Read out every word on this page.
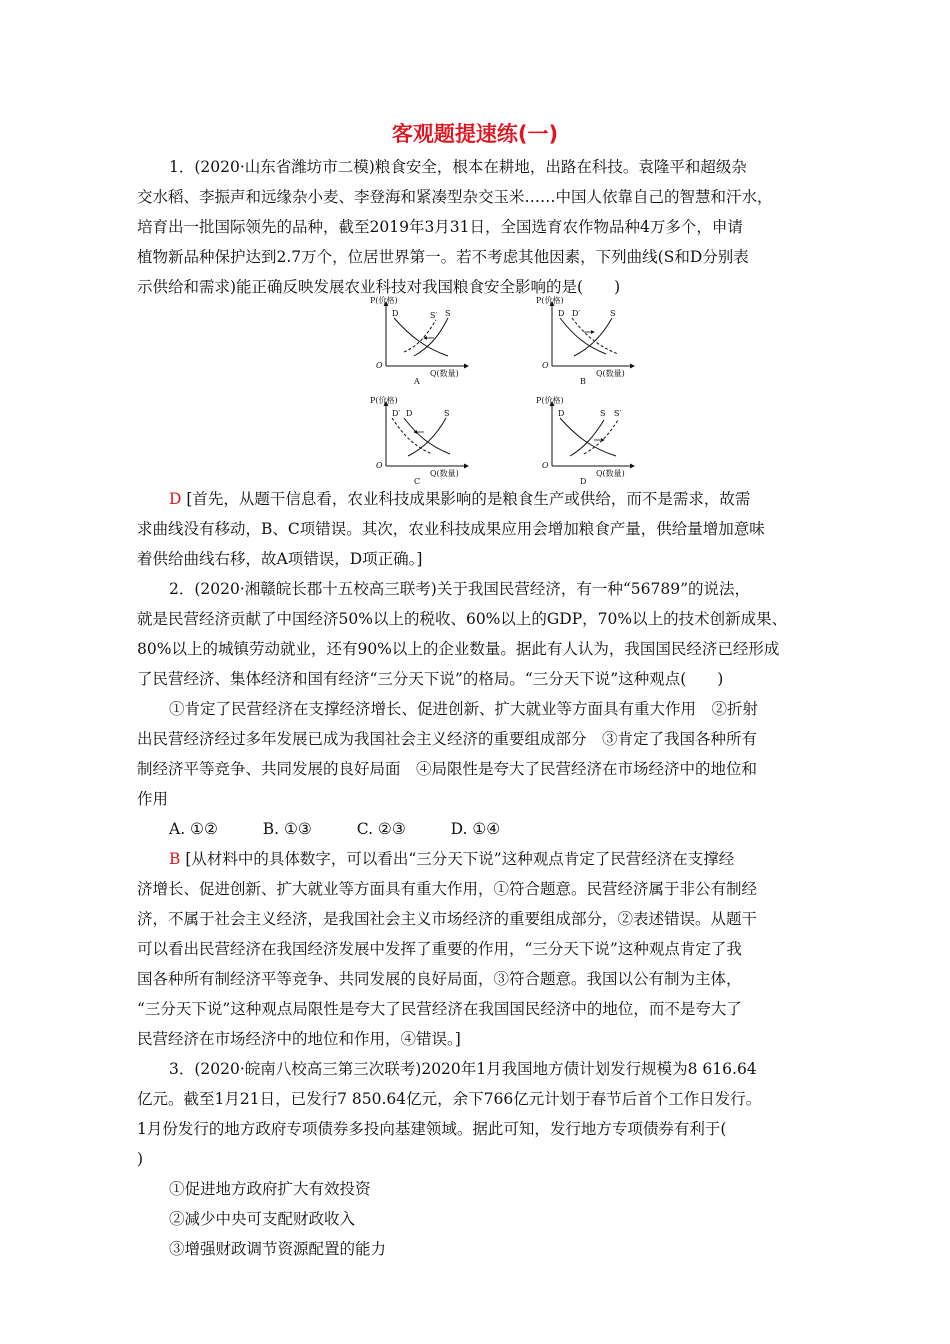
客观题提速练(一)
1．(2020·山东省潍坊市二模)粮食安全，根本在耕地，出路在科技。袁隆平和超级杂
交水稻、李振声和远缘杂小麦、李登海和紧凑型杂交玉米……中国人依靠自己的智慧和汗水，
培育出一批国际领先的品种，截至2019年3月31日，全国选育农作物品种4万多个，申请
植物新品种保护达到2.7万个，位居世界第一。若不考虑其他因素，下列曲线(S和D分别表
示供给和需求)能正确反映发展农业科技对我国粮食安全影响的是(　　)
P(价格)
Q(数量)
O
D	S′ S
A
P(价格)
Q(数量)
O
D D′	S
B
P(价格)
Q(数量)
O
D′ D	S
C
P(价格)
Q(数量)
O
D	S S′
D
D [首先，从题干信息看，农业科技成果影响的是粮食生产或供给，而不是需求，故需
求曲线没有移动，B、C项错误。其次，农业科技成果应用会增加粮食产量，供给量增加意味
着供给曲线右移，故A项错误，D项正确。]
2．(2020·湘赣皖长郡十五校高三联考)关于我国民营经济，有一种“56789”的说法，
就是民营经济贡献了中国经济50%以上的税收、60%以上的GDP，70%以上的技术创新成果、
80%以上的城镇劳动就业，还有90%以上的企业数量。据此有人认为，我国国民经济已经形成
了民营经济、集体经济和国有经济“三分天下说”的格局。“三分天下说”这种观点(　　)
①肯定了民营经济在支撑经济增长、促进创新、扩大就业等方面具有重大作用　②折射
出民营经济经过多年发展已成为我国社会主义经济的重要组成部分　③肯定了我国各种所有
制经济平等竞争、共同发展的良好局面　④局限性是夸大了民营经济在市场经济中的地位和
作用
A. ①②	B. ①③	C. ②③	D. ①④
B [从材料中的具体数字，可以看出“三分天下说”这种观点肯定了民营经济在支撑经
济增长、促进创新、扩大就业等方面具有重大作用，①符合题意。民营经济属于非公有制经
济，不属于社会主义经济，是我国社会主义市场经济的重要组成部分，②表述错误。从题干
可以看出民营经济在我国经济发展中发挥了重要的作用，“三分天下说”这种观点肯定了我
国各种所有制经济平等竞争、共同发展的良好局面，③符合题意。我国以公有制为主体，
“三分天下说”这种观点局限性是夸大了民营经济在我国国民经济中的地位，而不是夸大了
民营经济在市场经济中的地位和作用，④错误。]
3．(2020·皖南八校高三第三次联考)2020年1月我国地方债计划发行规模为8 616.64
亿元。截至1月21日，已发行7 850.64亿元，余下766亿元计划于春节后首个工作日发行。
1月份发行的地方政府专项债券多投向基建领域。据此可知，发行地方专项债券有利于(
)
①促进地方政府扩大有效投资
②减少中央可支配财政收入
③增强财政调节资源配置的能力
